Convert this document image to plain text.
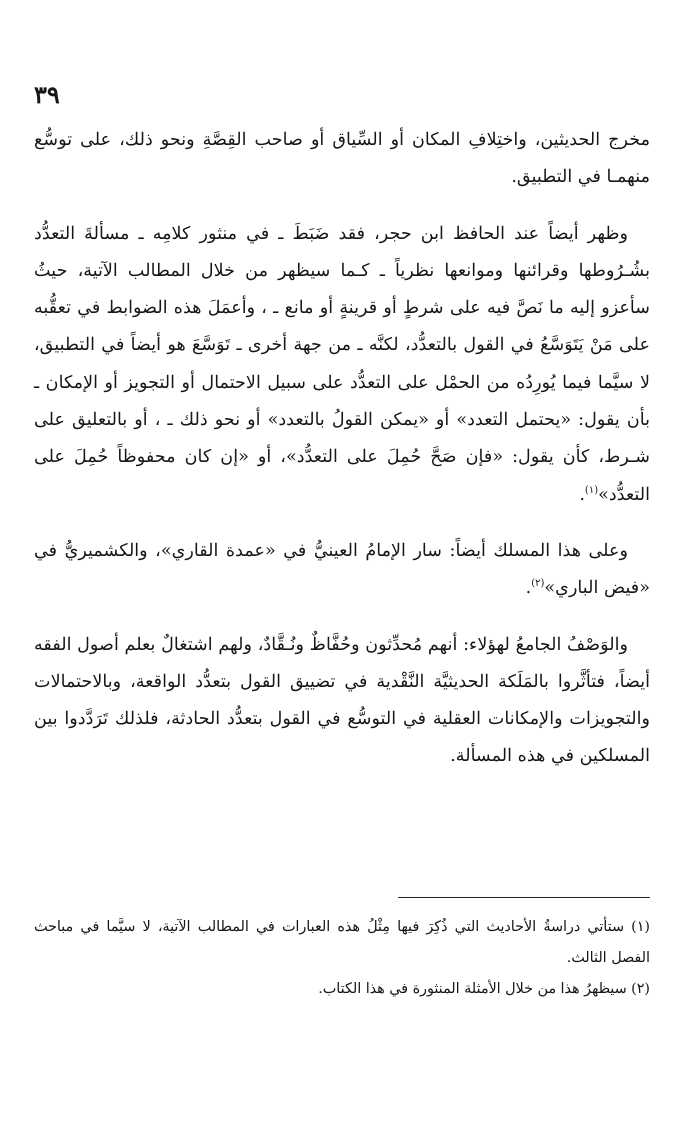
٣٩

مخرج الحديثين، واختِلافِ المكان أو السِّياق أو صاحب القِصَّةِ ونحو ذلك، على توسُّع منهمـا في التطبيق.

وظهر أيضاً عند الحافظ ابن حجر، فقد ضَبَطَ ـ في منثور كلامِه ـ مسألةَ التعدُّد بشُـرُوطها وقرائنها وموانعها نظرياً ـ كـما سيظهر من خلال المطالب الآتية، حيثُ سأعزو إليه ما نَصَّ فيه على شرطٍ أو قرينةٍ أو مانع ـ ، وأعمَلَ هذه الضوابط في تعقُّبه على مَنْ يَتَوَسَّعُ في القول بالتعدُّد، لكنَّه ـ من جهة أخرى ـ تَوَسَّعَ هو أيضاً في التطبيق، لا سيَّما فيما يُورِدُه من الحمْل على التعدُّد على سبيل الاحتمال أو التجويز أو الإمكان ـ بأن يقول: «يحتمل التعدد» أو «يمكن القولُ بالتعدد» أو نحو ذلك ـ ، أو بالتعليق على شـرط، كأن يقول: «فإن صَحَّ حُمِلَ على التعدُّد»، أو «إن كان محفوظاً حُمِلَ على التعدُّد»$^{(١)}$.

وعلى هذا المسلك أيضاً: سار الإمامُ العينيُّ في «عمدة القاري»، والكشميريُّ في «فيض الباري»$^{(٢)}$.

والوَصْفُ الجامعُ لهؤلاء: أنهم مُحدِّثون وحُفَّاظٌ ونُـقَّادٌ، ولهم اشتغالٌ بعلم أصول الفقه أيضاً، فتأثَّروا بالمَلَكة الحديثيَّة النَّقْدية في تضييق القول بتعدُّد الواقعة، وبالاحتمالات والتجويزات والإمكانات العقلية في التوسُّع في القول بتعدُّد الحادثة، فلذلك تَرَدَّدوا بين المسلكين في هذه المسألة.

(١) ستأتي دراسةُ الأحاديث التي ذُكِرَ فيها مِثْلُ هذه العبارات في المطالب الآتية، لا سيَّما في مباحث الفصل الثالث.

(٢) سيظهرُ هذا من خلال الأمثلة المنثورة في هذا الكتاب.
